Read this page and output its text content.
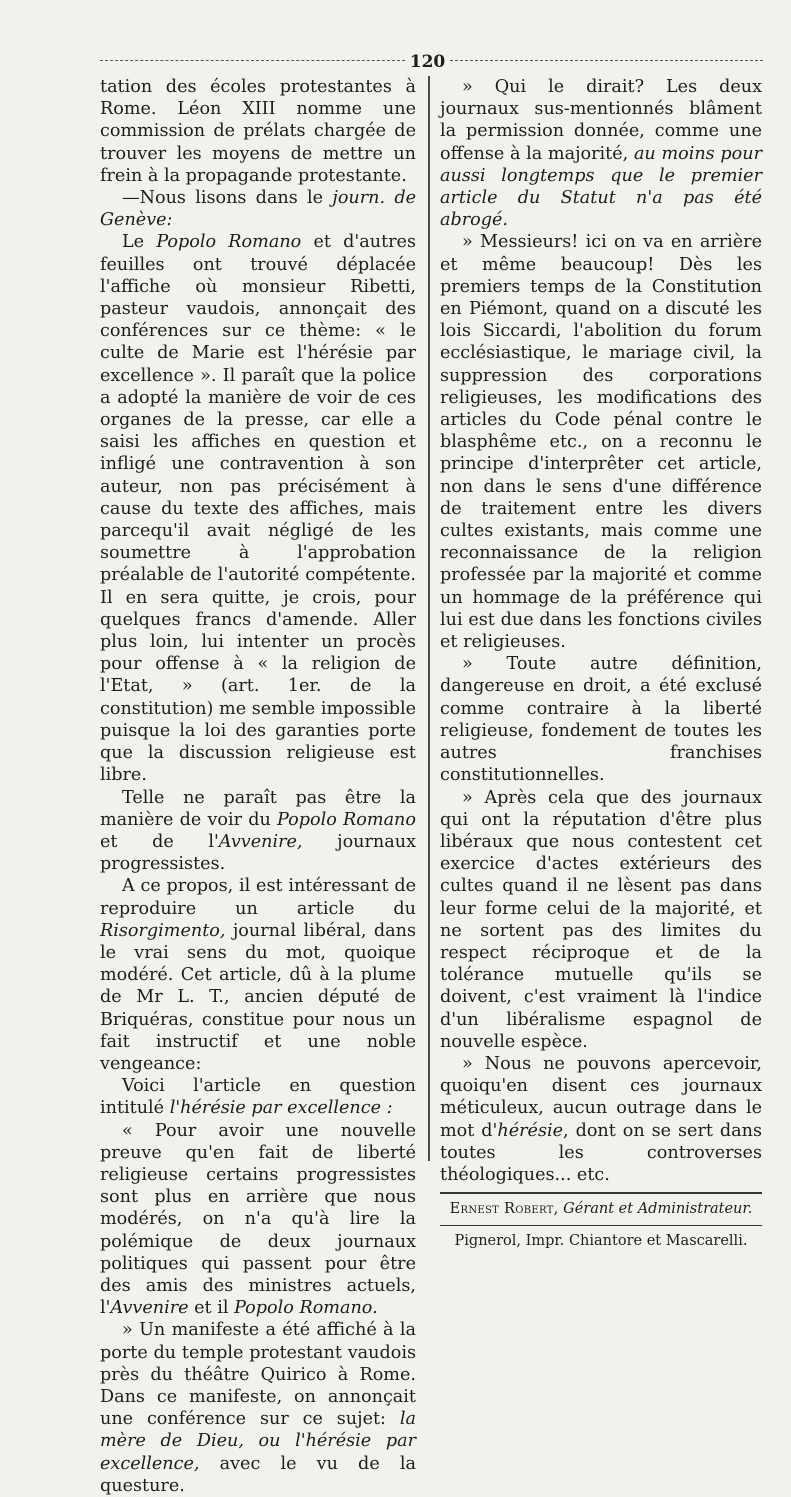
120

tation des écoles protestantes à Rome. Léon XIII nomme une commission de prélats chargée de trouver les moyens de mettre un frein à la propagande protestante.

—Nous lisons dans le journ. de Genève:

Le Popolo Romano et d'autres feuilles ont trouvé déplacée l'affiche où monsieur Ribetti, pasteur vaudois, annonçait des conférences sur ce thème: « le culte de Marie est l'hérésie par excellence ». Il paraît que la police a adopté la manière de voir de ces organes de la presse, car elle a saisi les affiches en question et infligé une contravention à son auteur, non pas précisément à cause du texte des affiches, mais parcequ'il avait négligé de les soumettre à l'approbation préalable de l'autorité compétente. Il en sera quitte, je crois, pour quelques francs d'amende. Aller plus loin, lui intenter un procès pour offense à « la religion de l'Etat, » (art. 1er. de la constitution) me semble impossible puisque la loi des garanties porte que la discussion religieuse est libre.

Telle ne paraît pas être la manière de voir du Popolo Romano et de l'Avvenire, journaux progressistes.

A ce propos, il est intéressant de reproduire un article du Risorgimento, journal libéral, dans le vrai sens du mot, quoique modéré. Cet article, dû à la plume de Mr L. T., ancien député de Briquéras, constitue pour nous un fait instructif et une noble vengeance:

Voici l'article en question intitulé l'hérésie par excellence :

« Pour avoir une nouvelle preuve qu'en fait de liberté religieuse certains progressistes sont plus en arrière que nous modérés, on n'a qu'à lire la polémique de deux journaux politiques qui passent pour être des amis des ministres actuels, l'Avvenire et il Popolo Romano.

» Un manifeste a été affiché à la porte du temple protestant vaudois près du théâtre Quirico à Rome. Dans ce manifeste, on annonçait une conférence sur ce sujet: la mère de Dieu, ou l'hérésie par excellence, avec le vu de la questure.

» Qui le dirait? Les deux journaux sus-mentionnés blâment la permission donnée, comme une offense à la majorité, au moins pour aussi longtemps que le premier article du Statut n'a pas été abrogé.

» Messieurs! ici on va en arrière et même beaucoup! Dès les premiers temps de la Constitution en Piémont, quand on a discuté les lois Siccardi, l'abolition du forum ecclésiastique, le mariage civil, la suppression des corporations religieuses, les modifications des articles du Code pénal contre le blasphême etc., on a reconnu le principe d'interprêter cet article, non dans le sens d'une différence de traitement entre les divers cultes existants, mais comme une reconnaissance de la religion professée par la majorité et comme un hommage de la préférence qui lui est due dans les fonctions civiles et religieuses.

» Toute autre définition, dangereuse en droit, a été exclusé comme contraire à la liberté religieuse, fondement de toutes les autres franchises constitutionnelles.

» Après cela que des journaux qui ont la réputation d'être plus libéraux que nous contestent cet exercice d'actes extérieurs des cultes quand il ne lèsent pas dans leur forme celui de la majorité, et ne sortent pas des limites du respect réciproque et de la tolérance mutuelle qu'ils se doivent, c'est vraiment là l'indice d'un libéralisme espagnol de nouvelle espèce.

» Nous ne pouvons apercevoir, quoiqu'en disent ces journaux méticuleux, aucun outrage dans le mot d'hérésie, dont on se sert dans toutes les controverses théologiques... etc.

Ernest Robert, Gérant et Administrateur.
Pignerol, Impr. Chiantore et Mascarelli.
